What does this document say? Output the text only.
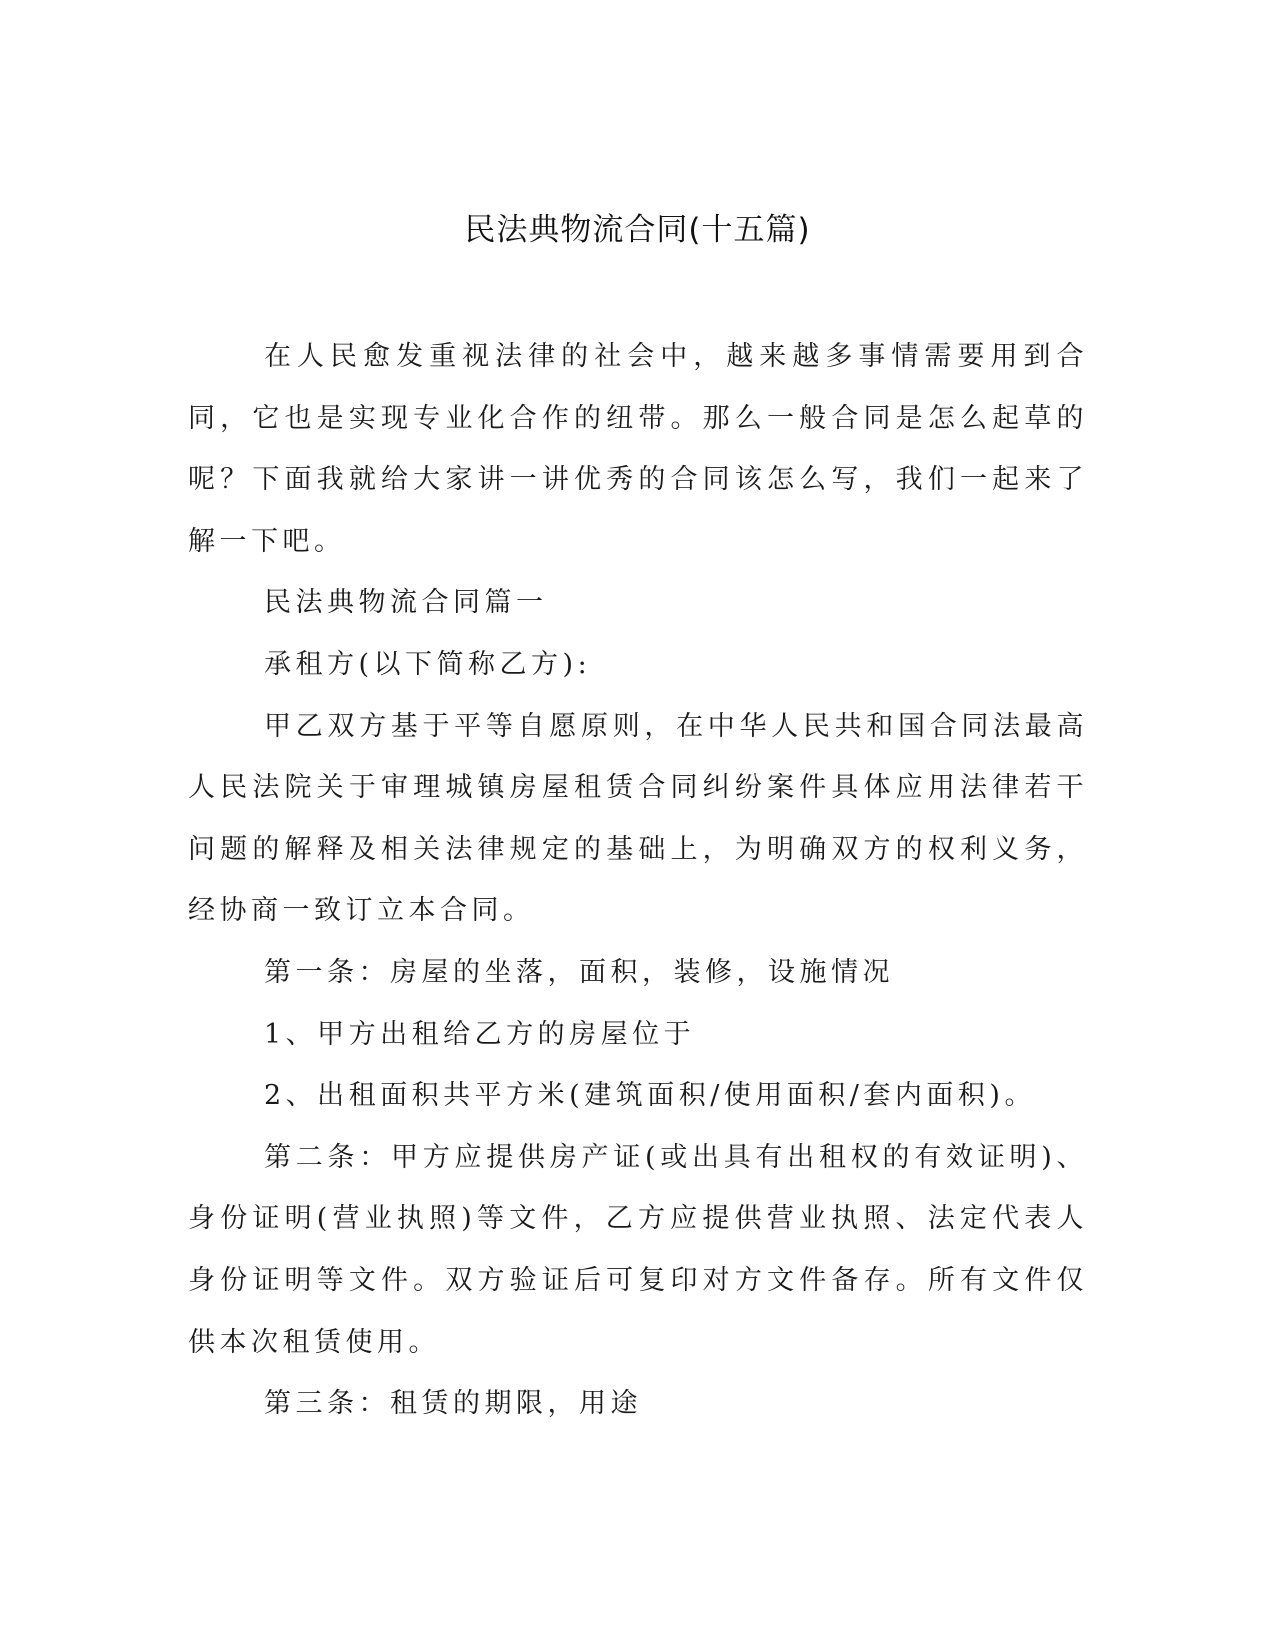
民法典物流合同(十五篇)

在人民愈发重视法律的社会中，越来越多事情需要用到合同，它也是实现专业化合作的纽带。那么一般合同是怎么起草的呢？下面我就给大家讲一讲优秀的合同该怎么写，我们一起来了解一下吧。

民法典物流合同篇一

承租方(以下简称乙方):

甲乙双方基于平等自愿原则，在中华人民共和国合同法最高人民法院关于审理城镇房屋租赁合同纠纷案件具体应用法律若干问题的解释及相关法律规定的基础上，为明确双方的权利义务，经协商一致订立本合同。

第一条：房屋的坐落，面积，装修，设施情况

1、甲方出租给乙方的房屋位于

2、出租面积共平方米(建筑面积/使用面积/套内面积)。

第二条：甲方应提供房产证(或出具有出租权的有效证明)、身份证明(营业执照)等文件，乙方应提供营业执照、法定代表人身份证明等文件。双方验证后可复印对方文件备存。所有文件仅供本次租赁使用。

第三条：租赁的期限，用途
